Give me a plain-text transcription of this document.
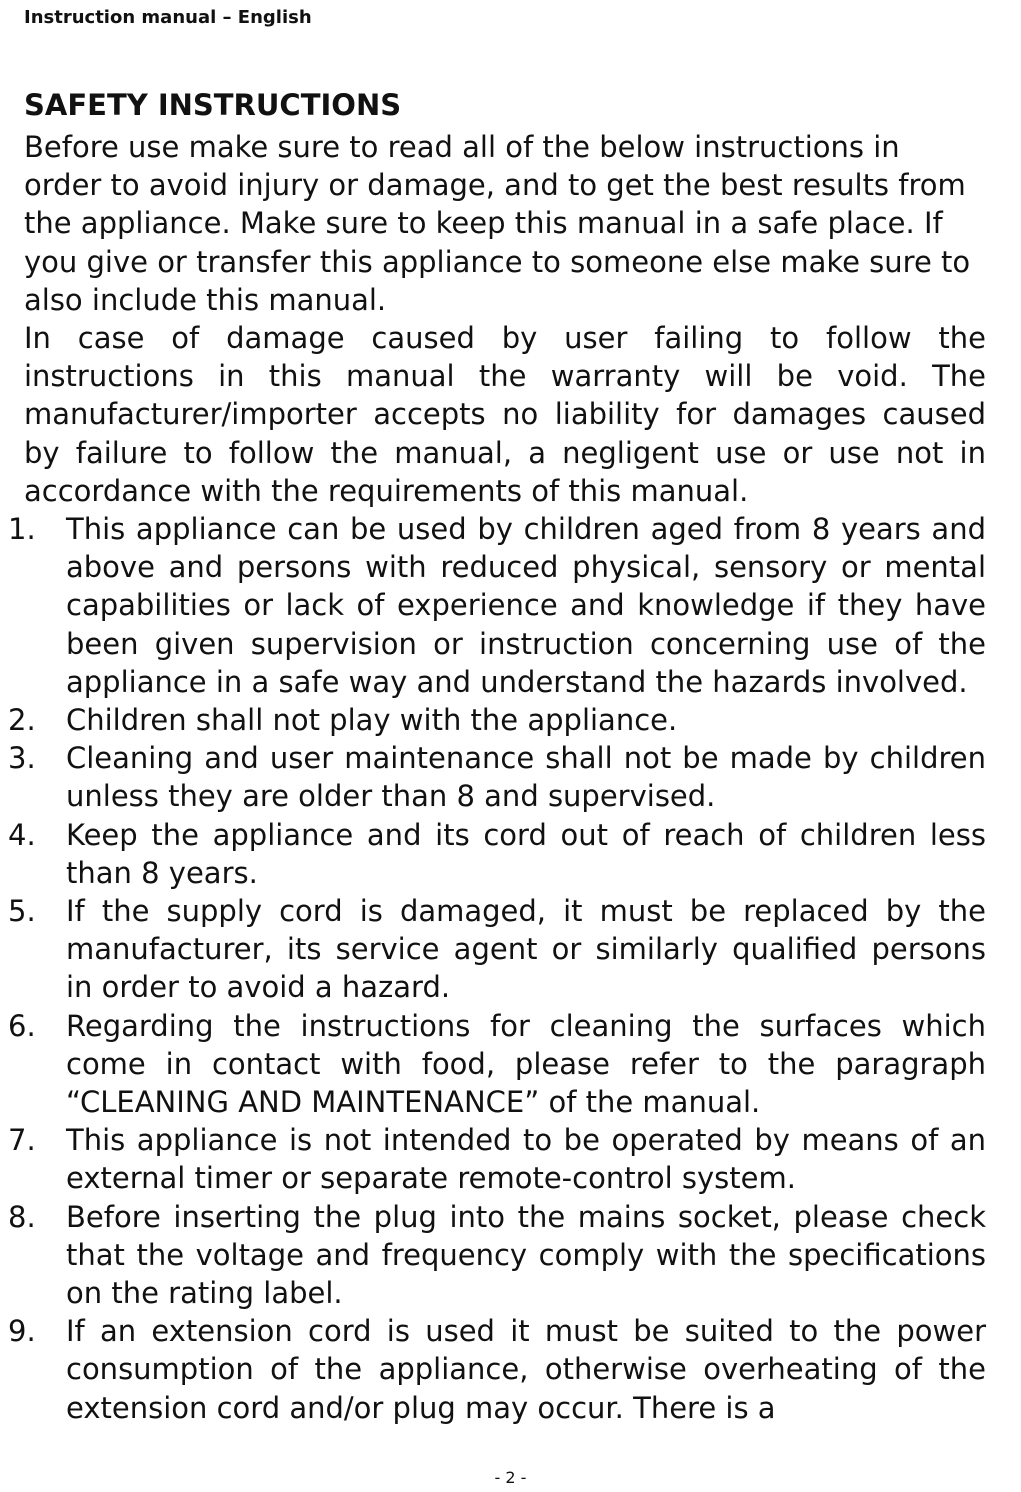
Instruction manual – English
SAFETY INSTRUCTIONS

Before use make sure to read all of the below instructions in order to avoid injury or damage, and to get the best results from the appliance. Make sure to keep this manual in a safe place. If you give or transfer this appliance to someone else make sure to also include this manual.

In case of damage caused by user failing to follow the instructions in this manual the warranty will be void. The manufacturer/importer accepts no liability for damages caused by failure to follow the manual, a negligent use or use not in accordance with the requirements of this manual.

1. This appliance can be used by children aged from 8 years and above and persons with reduced physical, sensory or mental capabilities or lack of experience and knowledge if they have been given supervision or instruction concerning use of the appliance in a safe way and understand the hazards involved.
2. Children shall not play with the appliance.
3. Cleaning and user maintenance shall not be made by children unless they are older than 8 and supervised.
4. Keep the appliance and its cord out of reach of children less than 8 years.
5. If the supply cord is damaged, it must be replaced by the manufacturer, its service agent or similarly qualified persons in order to avoid a hazard.
6. Regarding the instructions for cleaning the surfaces which come in contact with food, please refer to the paragraph “CLEANING AND MAINTENANCE” of the manual.
7. This appliance is not intended to be operated by means of an external timer or separate remote-control system.
8. Before inserting the plug into the mains socket, please check that the voltage and frequency comply with the specifications on the rating label.
9. If an extension cord is used it must be suited to the power consumption of the appliance, otherwise overheating of the extension cord and/or plug may occur. There is a
- 2 -
